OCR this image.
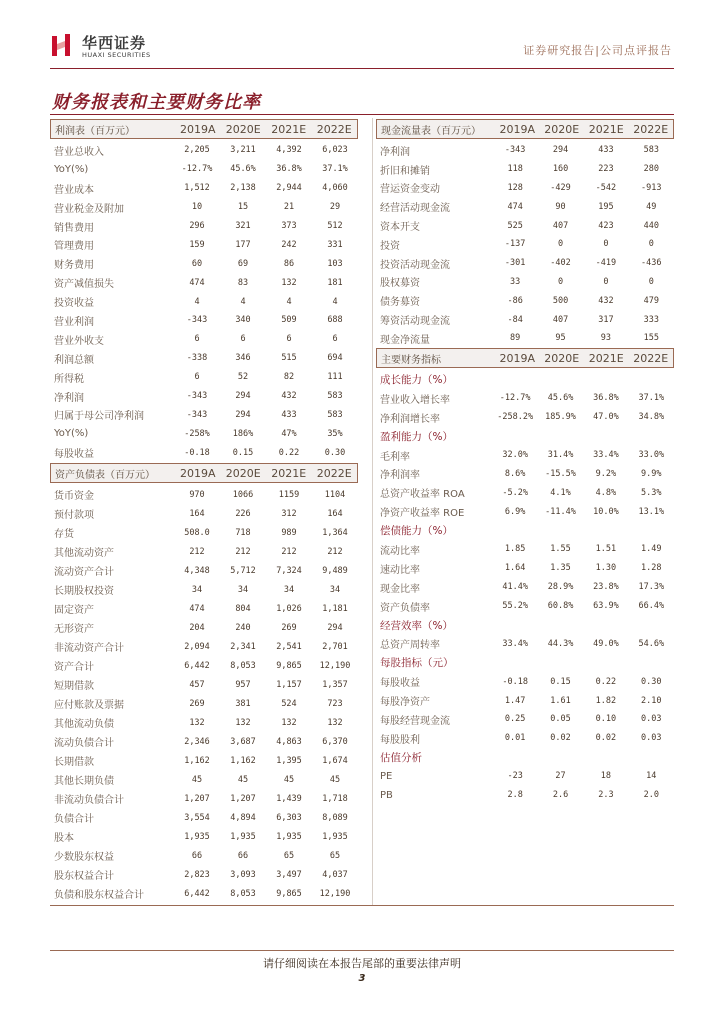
华西证券
HUAXI SECURITIES	证券研究报告|公司点评报告
财务报表和主要财务比率
利润表（百万元）	2019A 2020E 2021E 2022E
营业总收入	2,205	3,211	4,392	6,023
YoY(%)	-12.7%	45.6%	36.8%	37.1%
营业成本	1,512	2,138	2,944	4,060
营业税金及附加	10	15	21	29
销售费用	296	321	373	512
管理费用	159	177	242	331
财务费用	60	69	86	103
资产减值损失	474	83	132	181
投资收益	4	4	4	4
营业利润	-343	340	509	688
营业外收支	6	6	6	6
利润总额	-338	346	515	694
所得税	6	52	82	111
净利润	-343	294	432	583
归属于母公司净利润	-343	294	433	583
YoY(%)	-258%	186%	47%	35%
每股收益	-0.18	0.15	0.22	0.30
资产负债表（百万元）	2019A 2020E 2021E 2022E
货币资金	970	1066	1159	1104
预付款项	164	226	312	164
存货	508.0	718	989	1,364
其他流动资产	212	212	212	212
流动资产合计	4,348	5,712	7,324	9,489
长期股权投资	34	34	34	34
固定资产	474	804	1,026	1,181
无形资产	204	240	269	294
非流动资产合计	2,094	2,341	2,541	2,701
资产合计	6,442	8,053	9,865	12,190
短期借款	457	957	1,157	1,357
应付账款及票据	269	381	524	723
其他流动负债	132	132	132	132
流动负债合计	2,346	3,687	4,863	6,370
长期借款	1,162	1,162	1,395	1,674
其他长期负债	45	45	45	45
非流动负债合计	1,207	1,207	1,439	1,718
负债合计	3,554	4,894	6,303	8,089
股本	1,935	1,935	1,935	1,935
少数股东权益	66	66	65	65
股东权益合计	2,823	3,093	3,497	4,037
负债和股东权益合计	6,442	8,053	9,865	12,190
现金流量表（百万元）	2019A 2020E 2021E 2022E
净利润	-343	294	433	583
折旧和摊销	118	160	223	280
营运资金变动	128	-429	-542	-913
经营活动现金流	474	90	195	49
资本开支	525	407	423	440
投资	-137	0	0	0
投资活动现金流	-301	-402	-419	-436
股权募资	33	0	0	0
债务募资	-86	500	432	479
筹资活动现金流	-84	407	317	333
现金净流量	89	95	93	155
主要财务指标	2019A 2020E 2021E 2022E
成长能力（%）
营业收入增长率	-12.7%	45.6%	36.8%	37.1%
净利润增长率	-258.2%	185.9%	47.0%	34.8%
盈利能力（%）
毛利率	32.0%	31.4%	33.4%	33.0%
净利润率	8.6%	-15.5%	9.2%	9.9%
总资产收益率 ROA	-5.2%	4.1%	4.8%	5.3%
净资产收益率 ROE	6.9%	-11.4%	10.0%	13.1%
偿债能力（%）
流动比率	1.85	1.55	1.51	1.49
速动比率	1.64	1.35	1.30	1.28
现金比率	41.4%	28.9%	23.8%	17.3%
资产负债率	55.2%	60.8%	63.9%	66.4%
经营效率（%）
总资产周转率	33.4%	44.3%	49.0%	54.6%
每股指标（元）
每股收益	-0.18	0.15	0.22	0.30
每股净资产	1.47	1.61	1.82	2.10
每股经营现金流	0.25	0.05	0.10	0.03
每股股利	0.01	0.02	0.02	0.03
估值分析
PE	-23	27	18	14
PB	2.8	2.6	2.3	2.0
请仔细阅读在本报告尾部的重要法律声明
3
